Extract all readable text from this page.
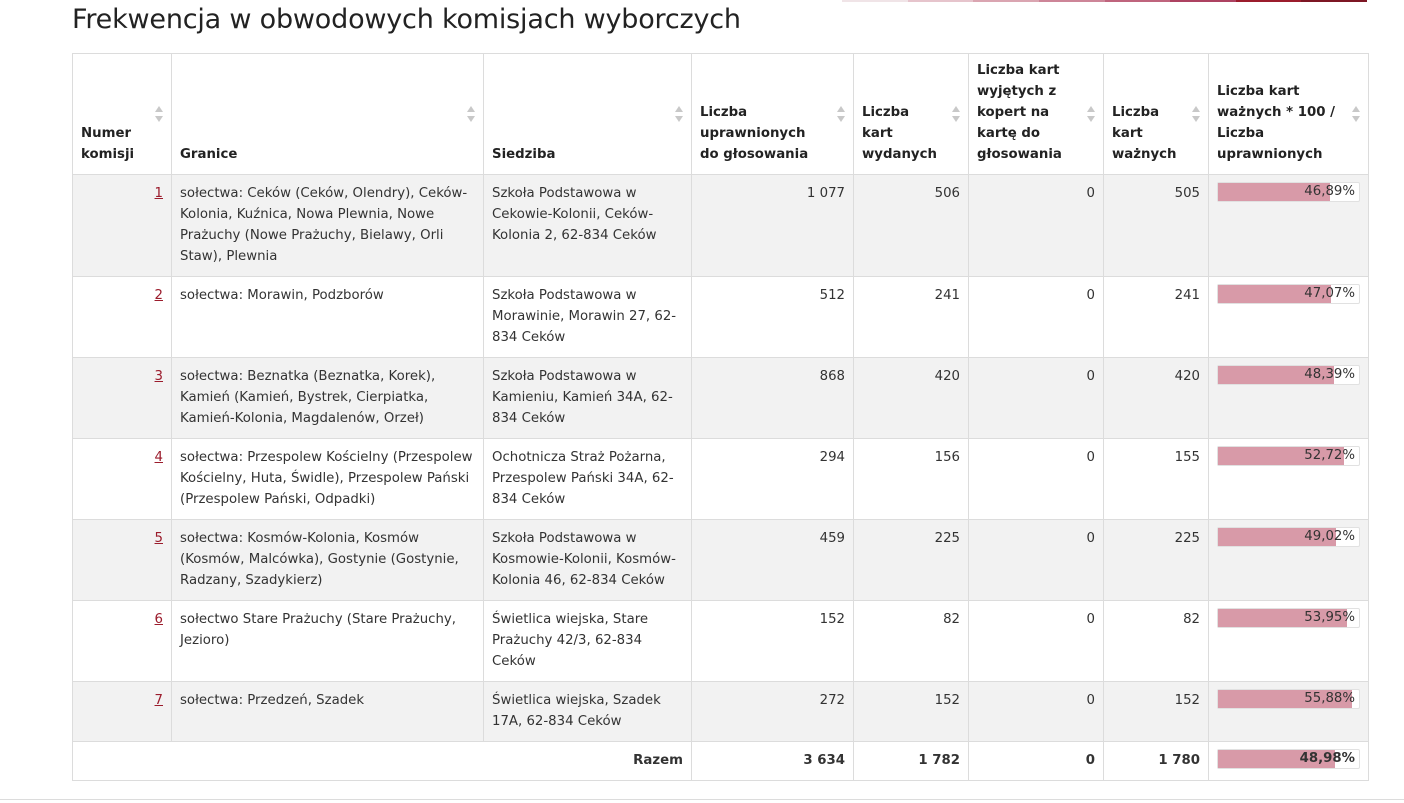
Frekwencja w obwodowych komisjach wyborczych
Numer komisji	Granice	Siedziba	Liczba uprawnionych do głosowania	Liczba kart wydanych	Liczba kart wyjętych z kopert na kartę do głosowania	Liczba kart ważnych	Liczba kart ważnych * 100 / Liczba uprawnionych

1	sołectwa: Ceków (Ceków, Olendry), Ceków-Kolonia, Kuźnica, Nowa Plewnia, Nowe Prażuchy (Nowe Prażuchy, Bielawy, Orli Staw), Plewnia	Szkoła Podstawowa w Cekowie-Kolonii, Ceków-Kolonia 2, 62-834 Ceków	1 077	506	0	505	46,89%

2	sołectwa: Morawin, Podzborów	Szkoła Podstawowa w Morawinie, Morawin 27, 62-834 Ceków	512	241	0	241	47,07%

3	sołectwa: Beznatka (Beznatka, Korek), Kamień (Kamień, Bystrek, Cierpiatka, Kamień-Kolonia, Magdalenów, Orzeł)	Szkoła Podstawowa w Kamieniu, Kamień 34A, 62-834 Ceków	868	420	0	420	48,39%

4	sołectwa: Przespolew Kościelny (Przespolew Kościelny, Huta, Świdle), Przespolew Pański (Przespolew Pański, Odpadki)	Ochotnicza Straż Pożarna, Przespolew Pański 34A, 62-834 Ceków	294	156	0	155	52,72%

5	sołectwa: Kosmów-Kolonia, Kosmów (Kosmów, Malcówka), Gostynie (Gostynie, Radzany, Szadykierz)	Szkoła Podstawowa w Kosmowie-Kolonii, Kosmów-Kolonia 46, 62-834 Ceków	459	225	0	225	49,02%

6	sołectwo Stare Prażuchy (Stare Prażuchy, Jezioro)	Świetlica wiejska, Stare Prażuchy 42/3, 62-834 Ceków	152	82	0	82	53,95%

7	sołectwa: Przedzeń, Szadek	Świetlica wiejska, Szadek 17A, 62-834 Ceków	272	152	0	152	55,88%

Razem			3 634	1 782	0	1 780	48,98%
